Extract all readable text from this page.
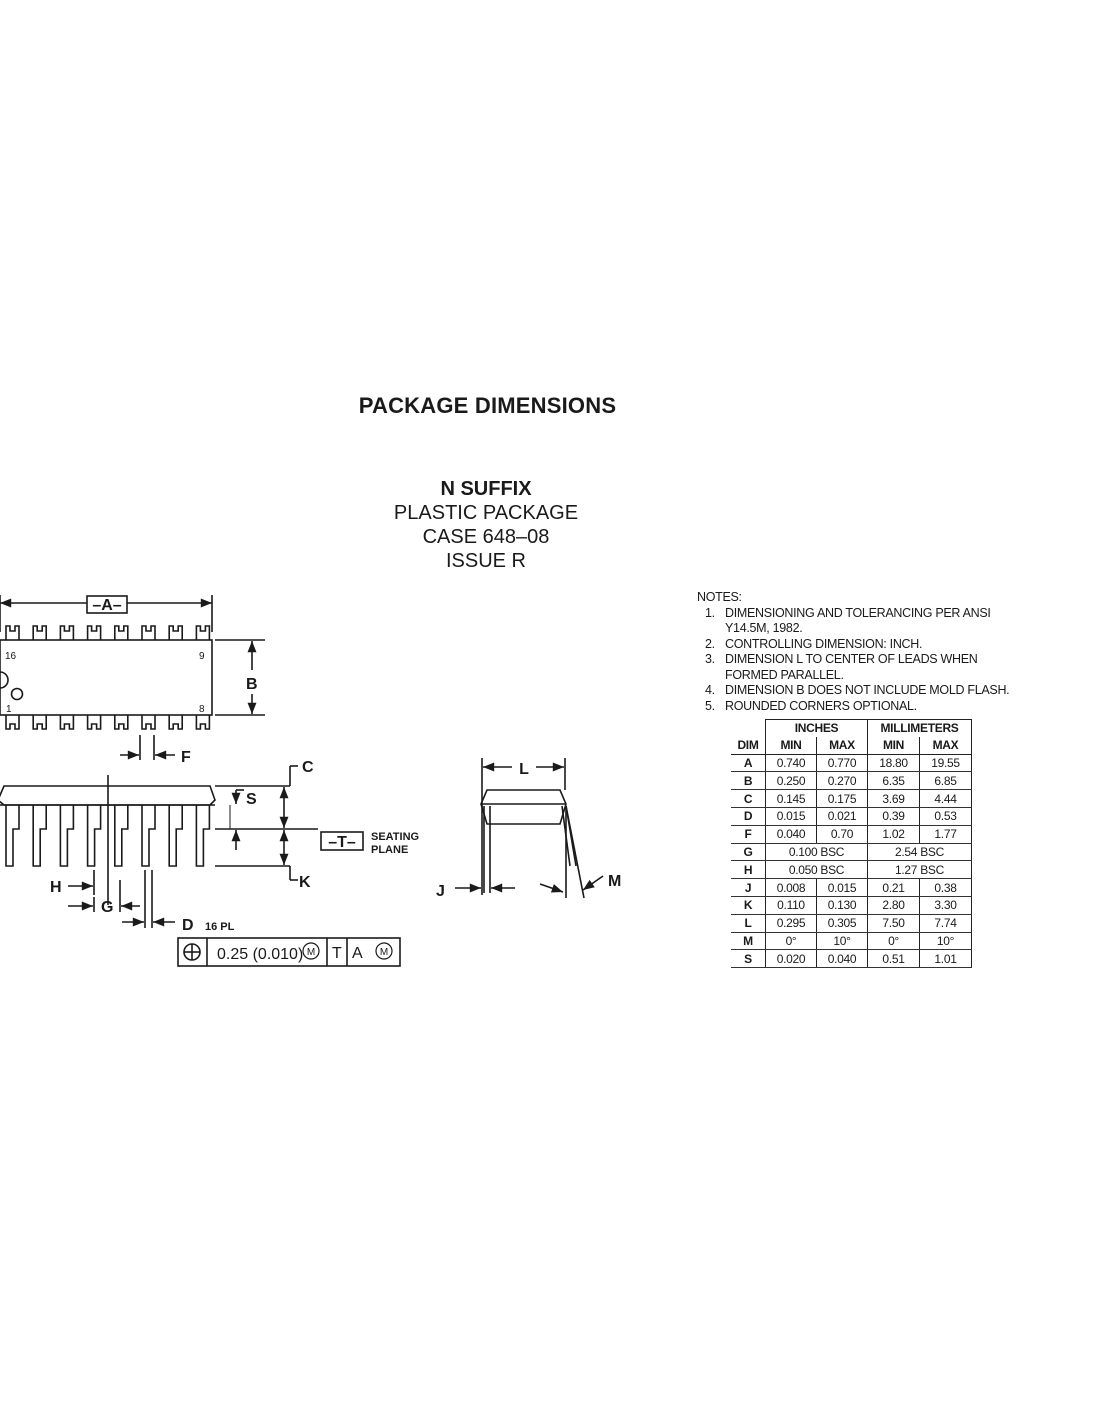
PACKAGE DIMENSIONS
N SUFFIX
PLASTIC PACKAGE
CASE 648–08
ISSUE R
–A–
B
F
C
S
K
H
G
D
–T–
L
J
M
16 PL
SEATING
PLANE
16	9
1	8
0.25 (0.010) T A
M	M
⊕
NOTES:
1. DIMENSIONING AND TOLERANCING PER ANSI Y14.5M, 1982.
2. CONTROLLING DIMENSION: INCH.
3. DIMENSION L TO CENTER OF LEADS WHEN FORMED PARALLEL.
4. DIMENSION B DOES NOT INCLUDE MOLD FLASH.
5. ROUNDED CORNERS OPTIONAL.
	INCHES		MILLIMETERS	
DIM	MIN	MAX	MIN	MAX
A	0.740	0.770	18.80	19.55
B	0.250	0.270	6.35	6.85
C	0.145	0.175	3.69	4.44
D	0.015	0.021	0.39	0.53
F	0.040	0.70	1.02	1.77
G	0.100 BSC		2.54 BSC	
H	0.050 BSC		1.27 BSC	
J	0.008	0.015	0.21	0.38
K	0.110	0.130	2.80	3.30
L	0.295	0.305	7.50	7.74
M	0°	10°	0°	10°
S	0.020	0.040	0.51	1.01
